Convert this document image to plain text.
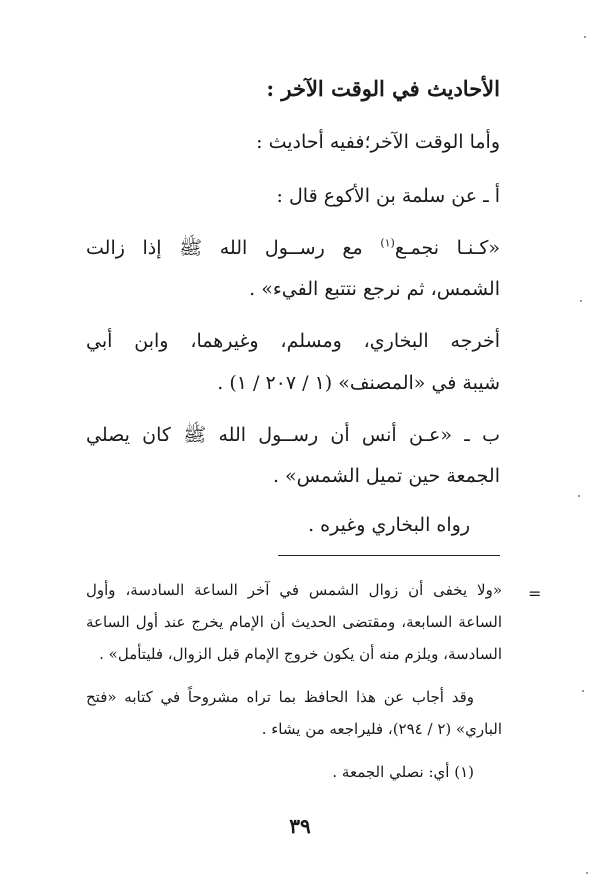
الأحاديث في الوقت الآخر :
وأما الوقت الآخر؛ففيه أحاديث :
أ ـ عن سلمة بن الأكوع قال :
«كـنـا نجمـع$^{(١)}$ مع رســول الله ﷺ إذا زالت
الشمس، ثم نرجع نتتبع الفيء» .
أخرجه البخاري، ومسلم، وغيرهما، وابن أبي
شيبة في «المصنف» (١ / ٢٠٧ / ١) .
ب ـ «عـن أنس أن رســول الله ﷺ كان يصلي
الجمعة حين تميل الشمس» .
رواه البخاري وغيره .
=
«ولا يخفى أن زوال الشمس في آخر الساعة السادسة، وأول
الساعة السابعة، ومقتضى الحديث أن الإمام يخرج عند أول الساعة
السادسة، ويلزم منه أن يكون خروج الإمام قبل الزوال، فليتأمل» .
وقد أجاب عن هذا الحافظ بما تراه مشروحاً في كتابه «فتح
الباري» (٢ / ٢٩٤)، فليراجعه من يشاء .
(١) أي: نصلي الجمعة .
٣٩
